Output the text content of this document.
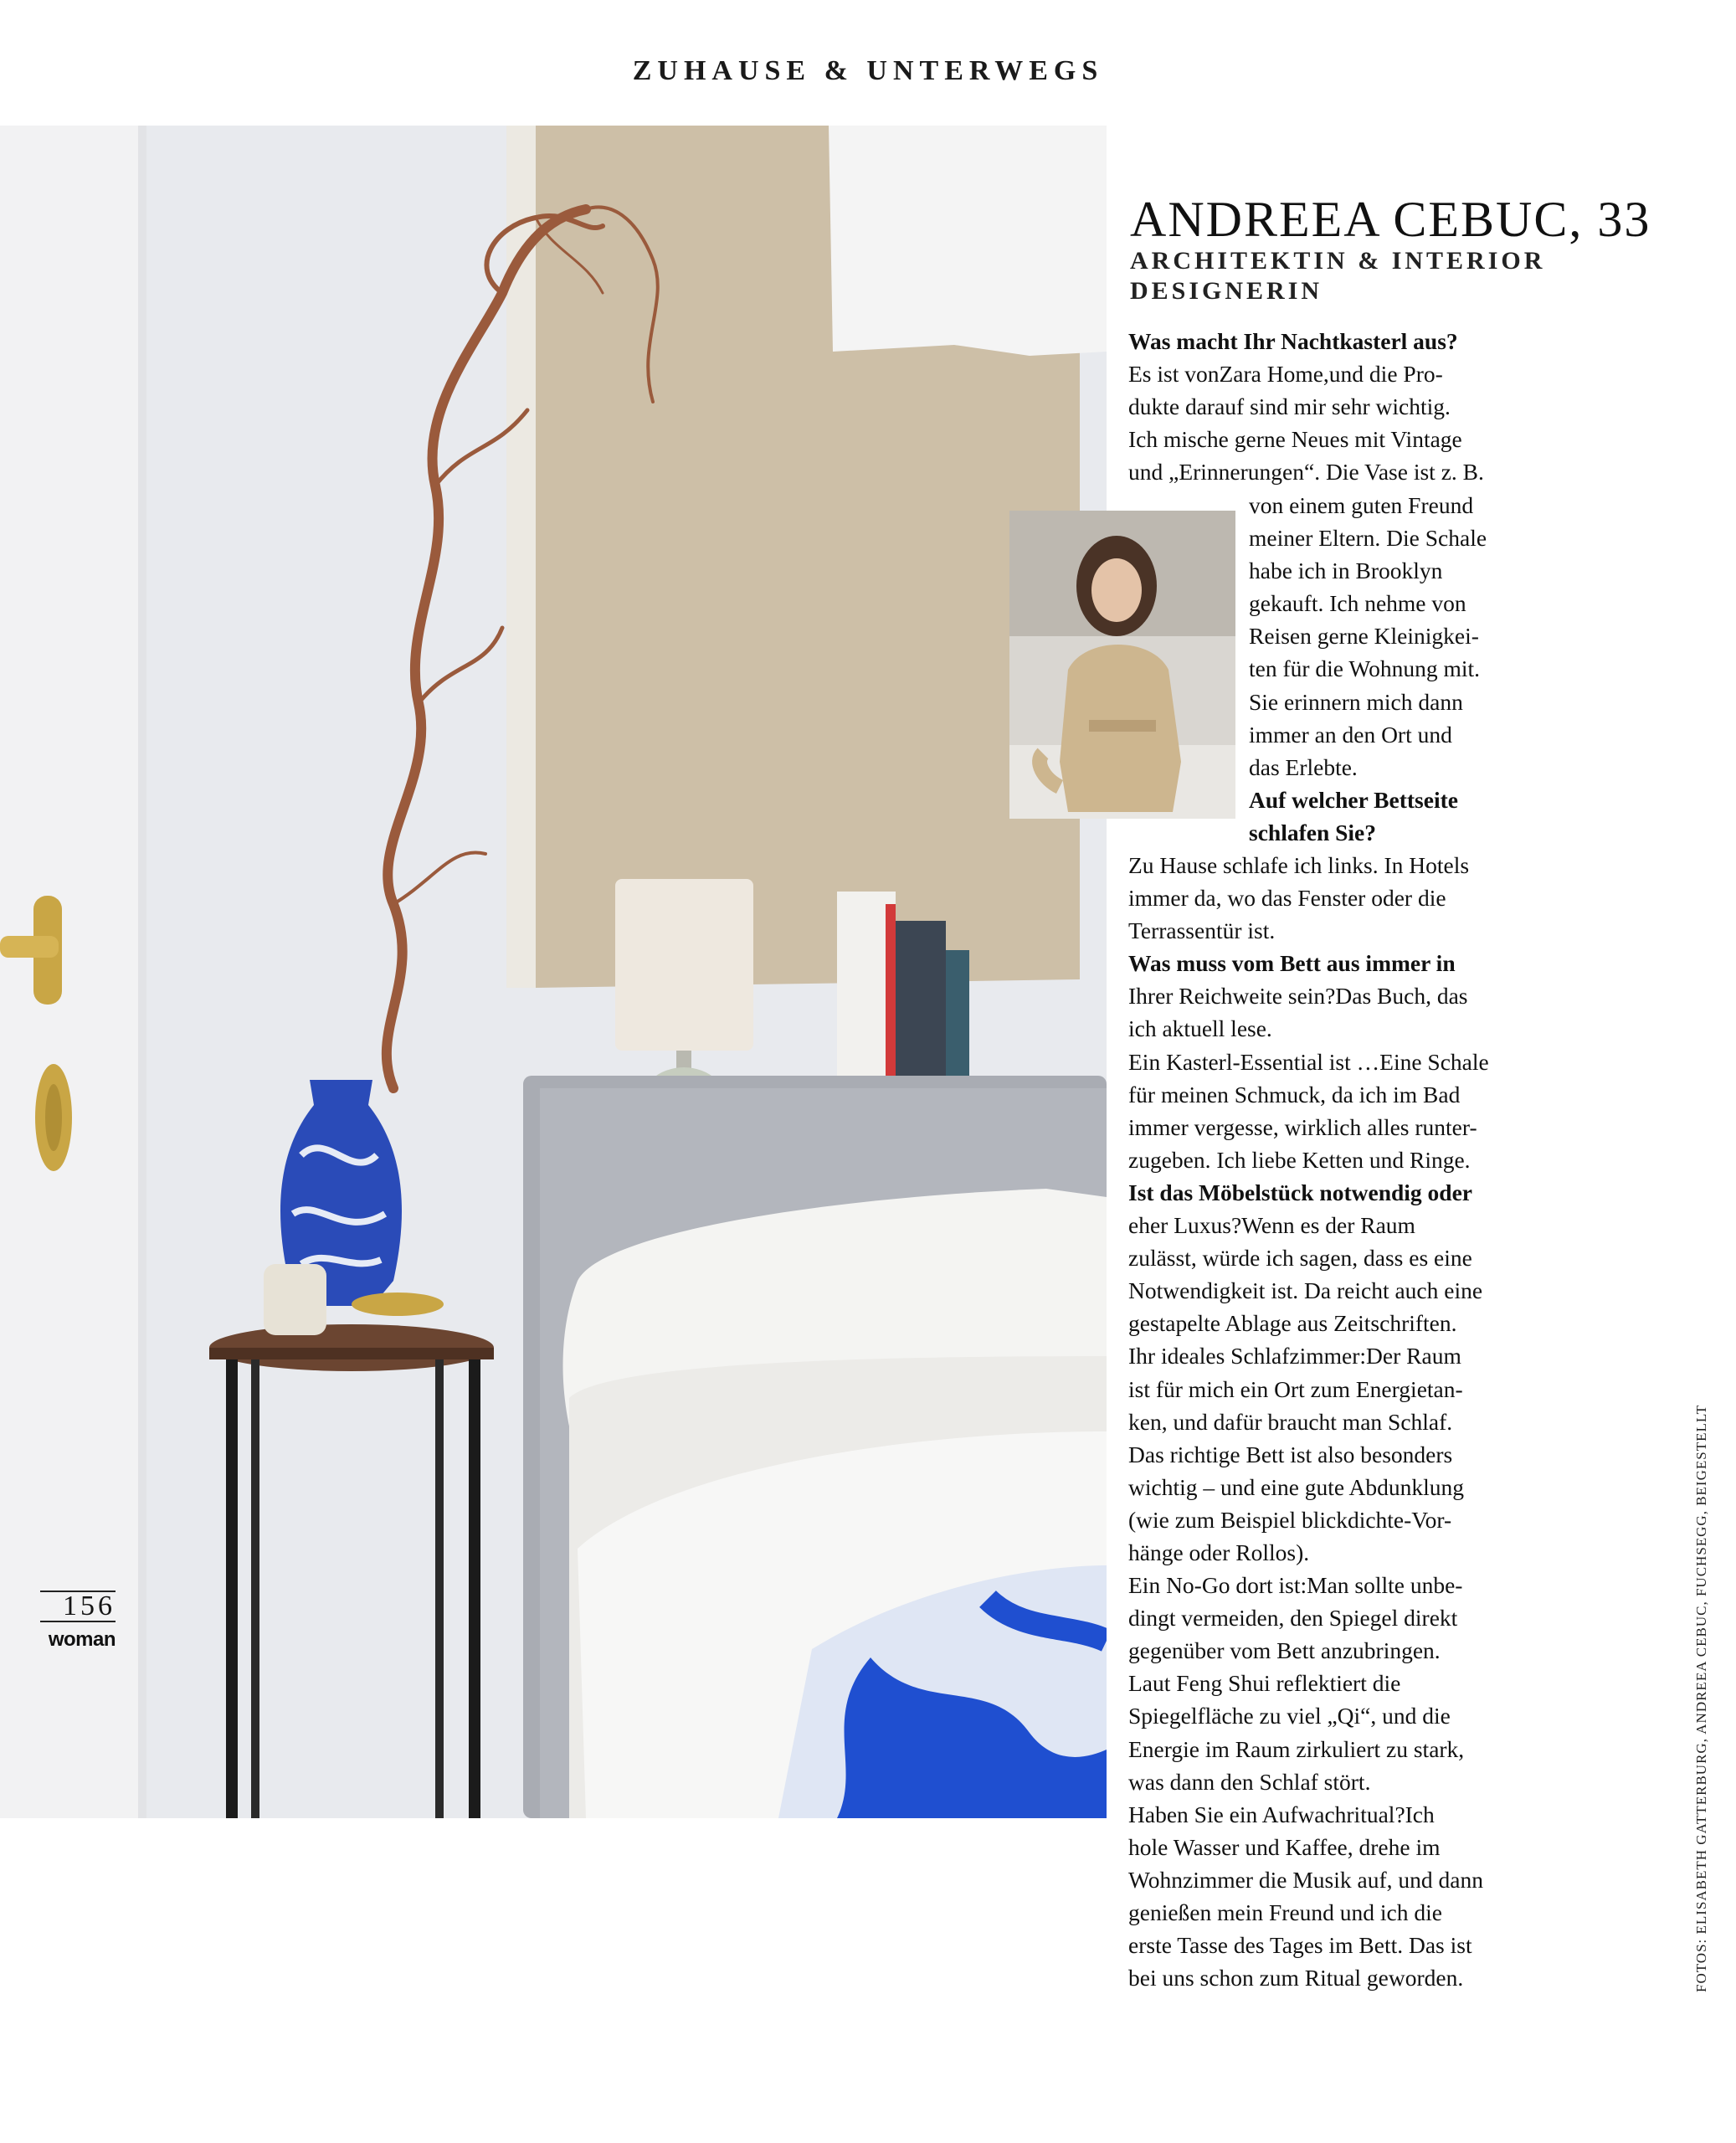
ZUHAUSE & UNTERWEGS
ANDREEA CEBUC, 33
ARCHITEKTIN & INTERIOR DESIGNERIN
Was macht Ihr Nachtkasterl aus?
Es ist vonZara Home,und die Pro-
dukte darauf sind mir sehr wichtig.
Ich mische gerne Neues mit Vintage
und „Erinnerungen“. Die Vase ist z. B.
von einem guten Freund
meiner Eltern. Die Schale
habe ich in Brooklyn
gekauft. Ich nehme von
Reisen gerne Kleinigkei-
ten für die Wohnung mit.
Sie erinnern mich dann
immer an den Ort und
das Erlebte.
Auf welcher Bettseite
schlafen Sie?
Zu Hause schlafe ich links. In Hotels
immer da, wo das Fenster oder die
Terrassentür ist.
Was muss vom Bett aus immer in
Ihrer Reichweite sein?Das Buch, das
ich aktuell lese.
Ein Kasterl-Essential ist …Eine Schale
für meinen Schmuck, da ich im Bad
immer vergesse, wirklich alles runter-
zugeben. Ich liebe Ketten und Ringe.
Ist das Möbelstück notwendig oder
eher Luxus?Wenn es der Raum
zulässt, würde ich sagen, dass es eine
Notwendigkeit ist. Da reicht auch eine
gestapelte Ablage aus Zeitschriften.
Ihr ideales Schlafzimmer:Der Raum
ist für mich ein Ort zum Energietan-
ken, und dafür braucht man Schlaf.
Das richtige Bett ist also besonders
wichtig – und eine gute Abdunklung
(wie zum Beispiel blickdichte-Vor-
hänge oder Rollos).
Ein No-Go dort ist:Man sollte unbe-
dingt vermeiden, den Spiegel direkt
gegenüber vom Bett anzubringen.
Laut Feng Shui reflektiert die
Spiegelfläche zu viel „Qi“, und die
Energie im Raum zirkuliert zu stark,
was dann den Schlaf stört.
Haben Sie ein Aufwachritual?Ich
hole Wasser und Kaffee, drehe im
Wohnzimmer die Musik auf, und dann
genießen mein Freund und ich die
erste Tasse des Tages im Bett. Das ist
bei uns schon zum Ritual geworden.
156
woman	FOTOS: ELISABETH GATTERBURG, ANDREEA CEBUC, FUCHSEGG, BEIGESTELLT
